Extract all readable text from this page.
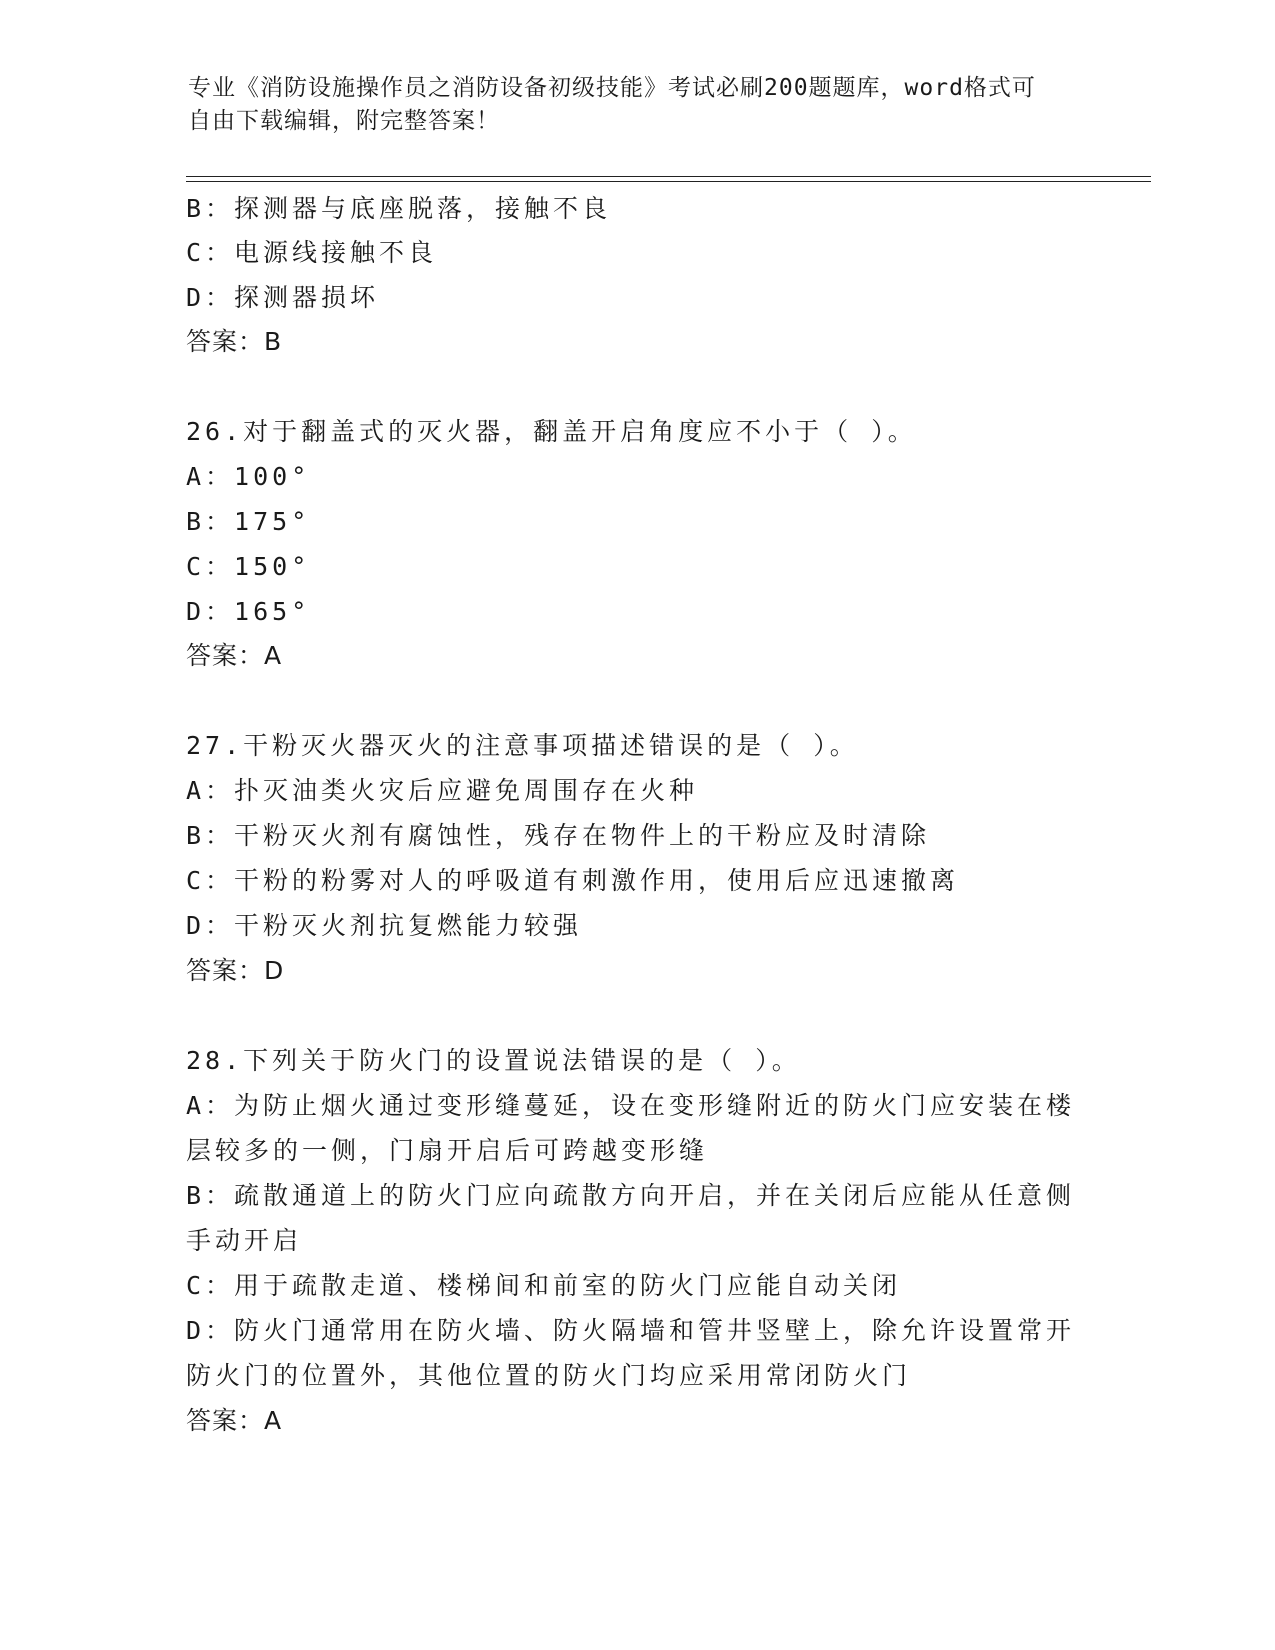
专业《消防设施操作员之消防设备初级技能》考试必刷200题题库，word格式可
自由下载编辑，附完整答案！
B：探测器与底座脱落，接触不良
C：电源线接触不良
D：探测器损坏
答案：B
26.对于翻盖式的灭火器，翻盖开启角度应不小于（ ）。
A：100°
B：175°
C：150°
D：165°
答案：A
27.干粉灭火器灭火的注意事项描述错误的是（ ）。
A：扑灭油类火灾后应避免周围存在火种
B：干粉灭火剂有腐蚀性，残存在物件上的干粉应及时清除
C：干粉的粉雾对人的呼吸道有刺激作用，使用后应迅速撤离
D：干粉灭火剂抗复燃能力较强
答案：D
28.下列关于防火门的设置说法错误的是（ ）。
A：为防止烟火通过变形缝蔓延，设在变形缝附近的防火门应安装在楼
层较多的一侧，门扇开启后可跨越变形缝
B：疏散通道上的防火门应向疏散方向开启，并在关闭后应能从任意侧
手动开启
C：用于疏散走道、楼梯间和前室的防火门应能自动关闭
D：防火门通常用在防火墙、防火隔墙和管井竖壁上，除允许设置常开
防火门的位置外，其他位置的防火门均应采用常闭防火门
答案：A
